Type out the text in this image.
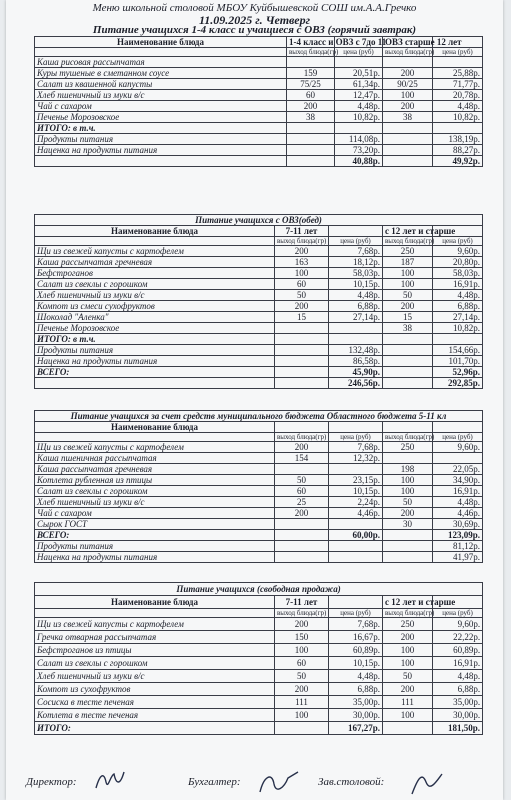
Меню школьной столовой МБОУ Куйбышевской СОШ им.А.А.Гречко
11.09.2025 г. Четверг
Питание учащихся 1-4 класс и учащиеся с ОВЗ (горячий завтрак)
Наименование блюда	1-4 класс и ОВЗ с 7до 11		ОВЗ старше 12 лет	
	выход блюда(гр)	цена (руб)	выход блюда(гр)	цена (руб)
Каша рисовая рассыпчатая				
Куры тушеные в сметанном соусе	159	20,51р.	200	25,88р.
Салат из квашенной капусты	75/25	61,34р.	90/25	71,77р.
Хлеб пшеничный из муки в/с	60	12,47р.	100	20,78р.
Чай с сахаром	200	4,48р.	200	4,48р.
Печенье Морозовское	38	10,82р.	38	10,82р.
ИТОГО: в т.ч.				
Продукты питания		114,08р.		138,19р.
Наценка на продукты питания		73,20р.		88,27р.
		40,88р.		49,92р.
Питание учащихся с ОВЗ(обед)				
Наименование блюда	7-11 лет		с 12 лет и старше	
	выход блюда(гр)	цена (руб)	выход блюда(гр)	цена (руб)
Щи из свежей капусты с картофелем	200	7,68р.	250	9,60р.
Каша рассыпчатая гречневая	163	18,12р.	187	20,80р.
Бефстроганов	100	58,03р.	100	58,03р.
Салат из свеклы с горошком	60	10,15р.	100	16,91р.
Хлеб пшеничный из муки в/с	50	4,48р.	50	4,48р.
Компот из смеси сухофруктов	200	6,88р.	200	6,88р.
Шоколад "Аленка"	15	27,14р.	15	27,14р.
Печенье Морозовское			38	10,82р.
ИТОГО: в т.ч.				
Продукты питания		132,48р.		154,66р.
Наценка на продукты питания		86,58р.		101,70р.
ВСЕГО:		45,90р.		52,96р.
		246,56р.		292,85р.
Питание учащихся за счет средств муниципального бюджета Областного бюджета 5-11 кл				
Наименование блюда				
	выход блюда(гр)	цена (руб)	выход блюда(гр)	цена (руб)
Щи из свежей капусты с картофелем	200	7,68р.	250	9,60р.
Каша пшеничная рассыпчатая	154	12,32р.		
Каша рассыпчатая гречневая			198	22,05р.
Котлета рубленная из птицы	50	23,15р.	100	34,90р.
Салат из свеклы с горошком	60	10,15р.	100	16,91р.
Хлеб пшеничный из муки в/с	25	2,24р.	50	4,48р.
Чай с сахаром	200	4,46р.	200	4,46р.
Сырок ГОСТ			30	30,69р.
ВСЕГО:		60,00р.		123,09р.
Продукты питания				81,12р.
Наценка на продукты питания				41,97р.
Питание учащихся (свободная продажа)				
Наименование блюда	7-11 лет		с 12 лет и старше	
	выход блюда(гр)	цена (руб)	выход блюда(гр)	цена (руб)
Щи из свежей капусты с картофелем	200	7,68р.	250	9,60р.
Гречка отварная рассыпчатая	150	16,67р.	200	22,22р.
Бефстроганов из птицы	100	60,89р.	100	60,89р.
Салат из свеклы с горошком	60	10,15р.	100	16,91р.
Хлеб пшеничный из муки в/с	50	4,48р.	50	4,48р.
Компот из сухофруктов	200	6,88р.	200	6,88р.
Сосиска в тесте печеная	111	35,00р.	111	35,00р.
Котлета в тесте печеная	100	30,00р.	100	30,00р.
ИТОГО:		167,27р.		181,50р.
Директор:	Бухгалтер:	Зав.столовой:
